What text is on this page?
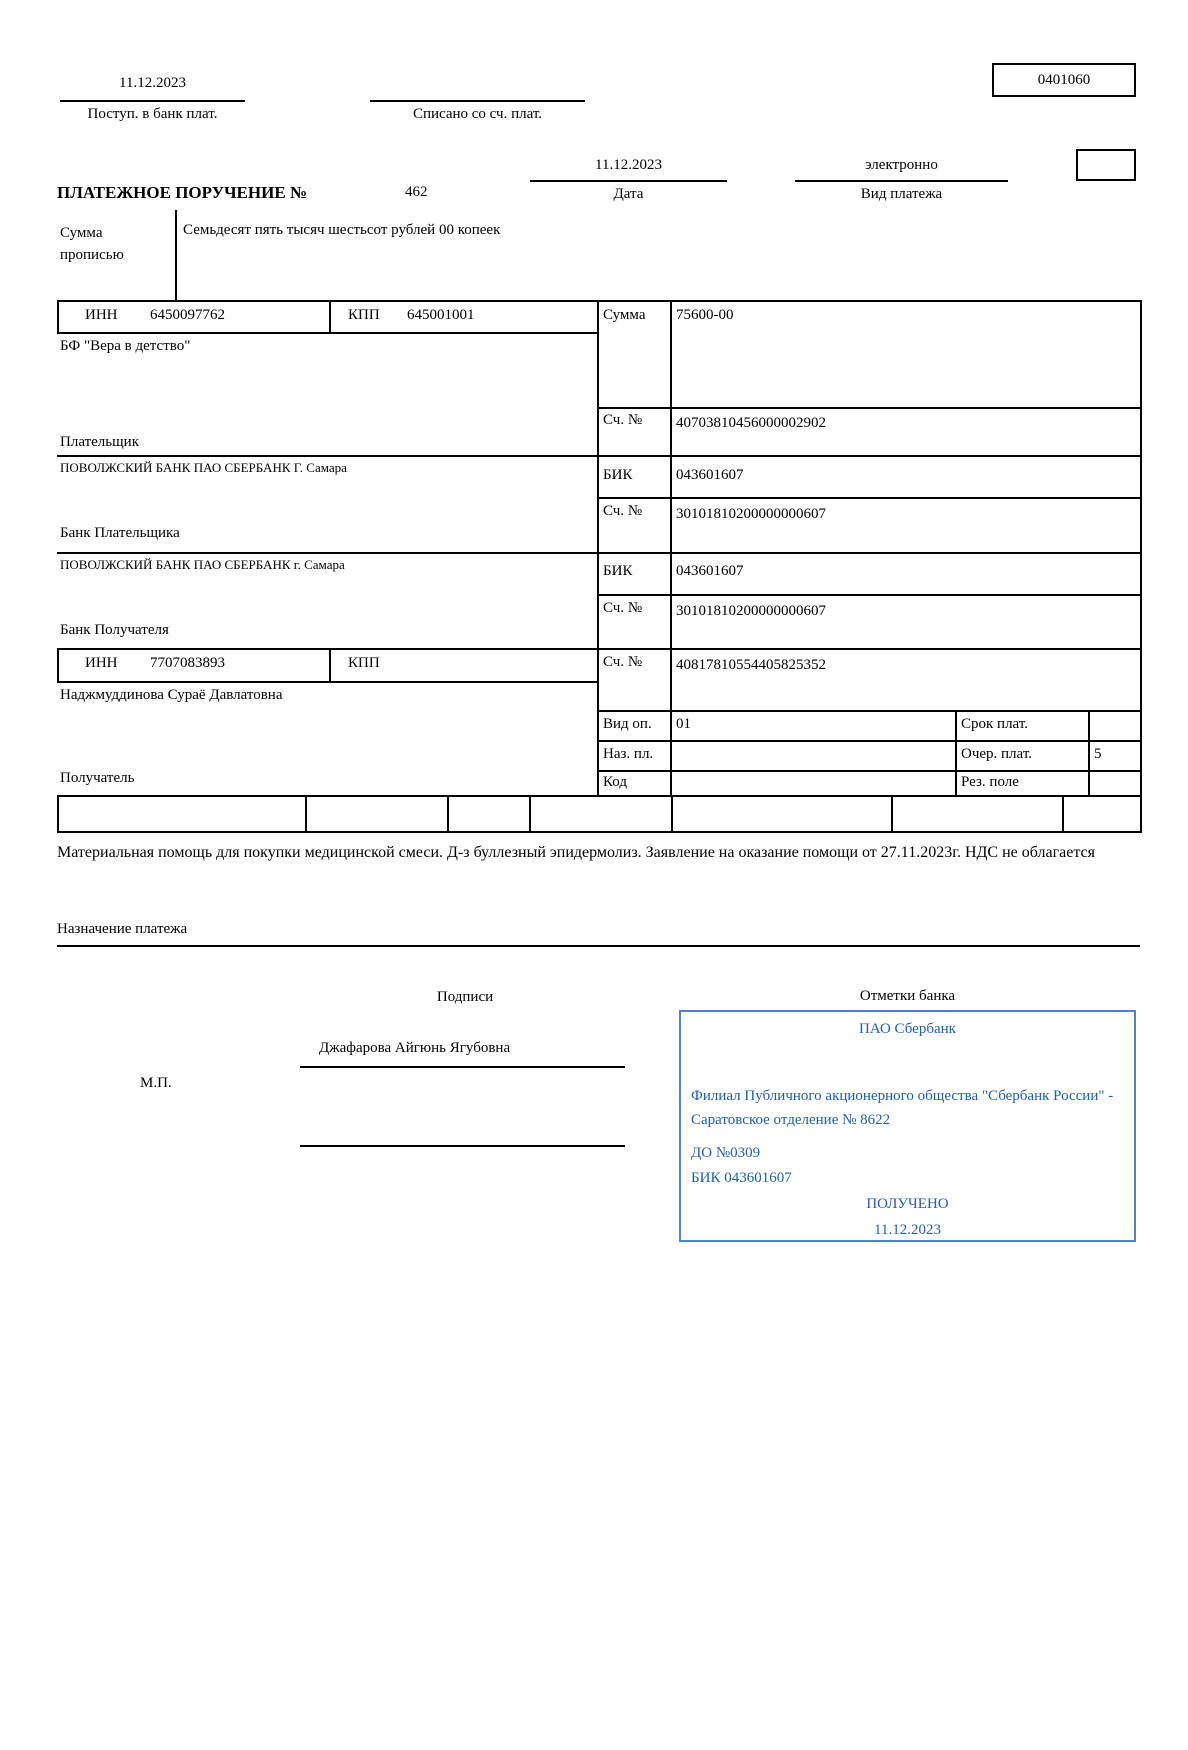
11.12.2023
Поступ. в банк плат.	Списано со сч. плат.
0401060
ПЛАТЕЖНОЕ ПОРУЧЕНИЕ №	462
11.12.2023
Дата
электронно
Вид платежа
Сумма прописью
Семьдесят пять тысяч шестьсот рублей 00 копеек
ИНН 6450097762	КПП 645001001	Сумма 75600-00
БФ "Вера в детство"
Плательщик
Сч. № 40703810456000002902
ПОВОЛЖСКИЙ БАНК ПАО СБЕРБАНК Г. Самара	БИК	043601607
Сч. № 30101810200000000607
Банк Плательщика
ПОВОЛЖСКИЙ БАНК ПАО СБЕРБАНК г. Самара	БИК	043601607
Сч. № 30101810200000000607
Банк Получателя
ИНН 7707083893	КПП	Сч. № 40817810554405825352
Наджмуддинова Сураё Давлатовна
Получатель
Вид оп. 01	Срок плат.
Наз. пл.	Очер. плат.	5
Код	Рез. поле
Материальная помощь для покупки медицинской смеси. Д-з буллезный эпидермолиз. Заявление на оказание помощи от 27.11.2023г. НДС не облагается
Назначение платежа
Подписи	Отметки банка
Джафарова Айгюнь Ягубовна
М.П.
ПАО Сбербанк
Филиал Публичного акционерного общества "Сбербанк России" - Саратовское отделение № 8622
ДО №0309
БИК 043601607
ПОЛУЧЕНО
11.12.2023
